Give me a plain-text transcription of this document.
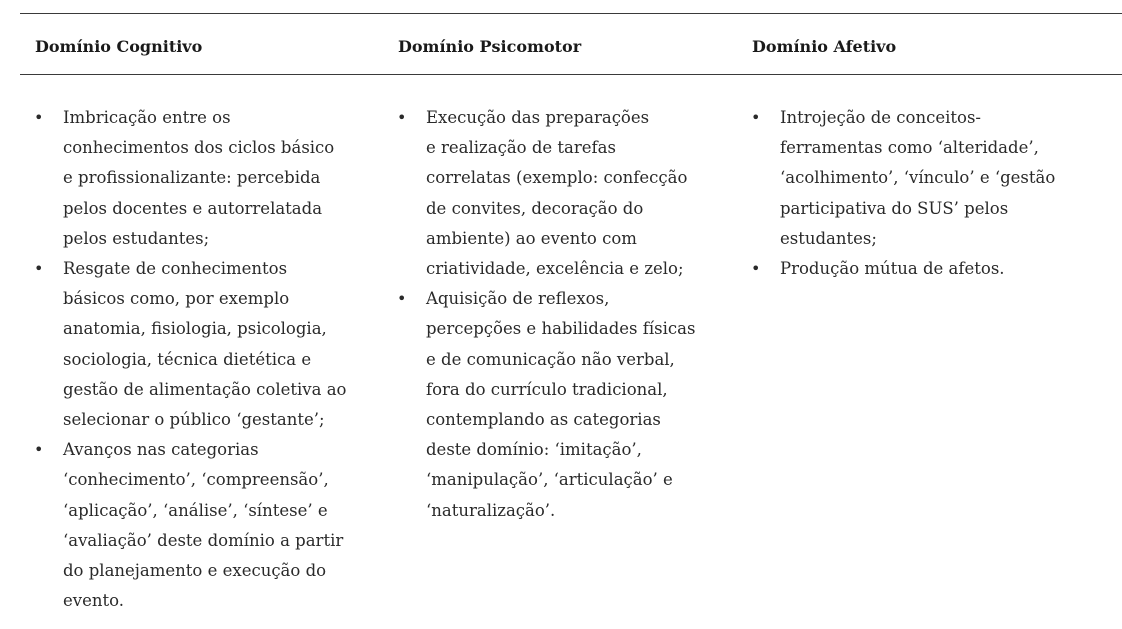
Domínio Cognitivo	Domínio Psicomotor	Domínio Afetivo
• Imbricação entre os
conhecimentos dos ciclos básico
e profissionalizante: percebida
pelos docentes e autorrelatada
pelos estudantes;
• Resgate de conhecimentos
básicos como, por exemplo
anatomia, fisiologia, psicologia,
sociologia, técnica dietética e
gestão de alimentação coletiva ao
selecionar o público ‘gestante’;
• Avanços nas categorias
‘conhecimento’, ‘compreensão’,
‘aplicação’, ‘análise’, ‘síntese’ e
‘avaliação’ deste domínio a partir
do planejamento e execução do
evento.
• Execução das preparações
e realização de tarefas
correlatas (exemplo: confecção
de convites, decoração do
ambiente) ao evento com
criatividade, excelência e zelo;
• Aquisição de reflexos,
percepções e habilidades físicas
e de comunicação não verbal,
fora do currículo tradicional,
contemplando as categorias
deste domínio: ‘imitação’,
‘manipulação’, ‘articulação’ e
‘naturalização’.
• Introjeção de conceitos-
ferramentas como ‘alteridade’,
‘acolhimento’, ‘vínculo’ e ‘gestão
participativa do SUS’ pelos
estudantes;
• Produção mútua de afetos.
